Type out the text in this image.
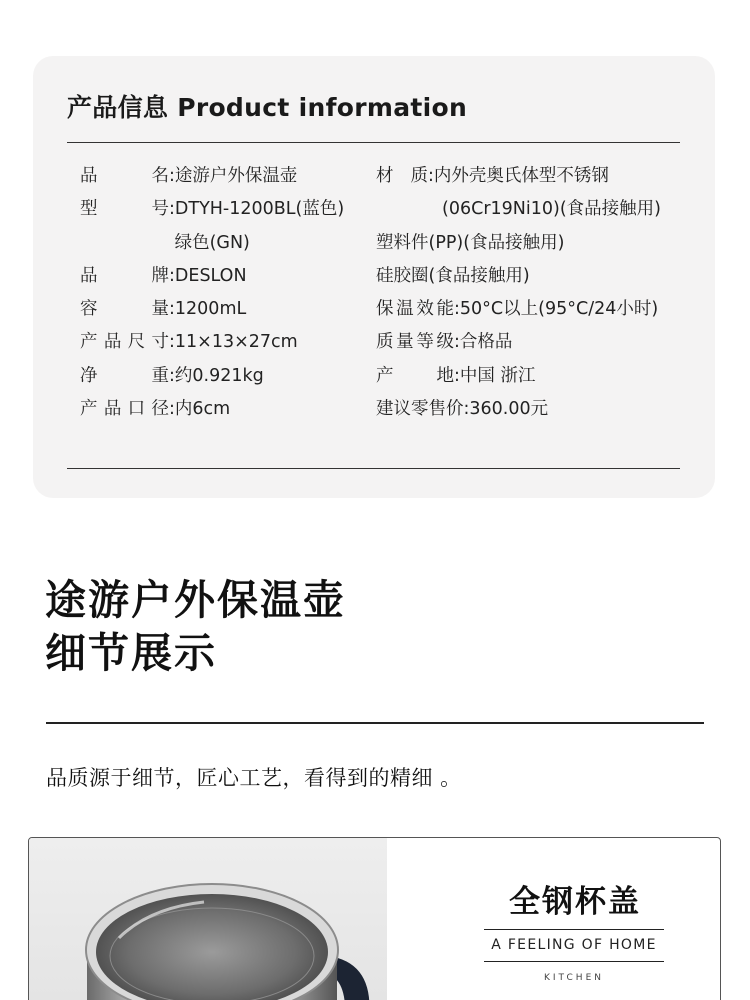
产品信息 Product information
品名:途游户外保温壶
型号:DTYH-1200BL(蓝色)
绿色(GN)
品牌:DESLON
容量:1200mL
产品尺寸:11×13×27cm
净重:约0.921kg
产品口径:内6cm
材质:内外壳奥氏体型不锈钢
(06Cr19Ni10)(食品接触用)
塑料件(PP)(食品接触用)
硅胶圈(食品接触用)
保温效能:50°C以上(95°C/24小时)
质量等级:合格品
产地:中国 浙江
建议零售价:360.00元
途游户外保温壶
细节展示
品质源于细节，匠心工艺，看得到的精细 。
全钢杯盖
A FEELING OF HOME
KITCHEN
